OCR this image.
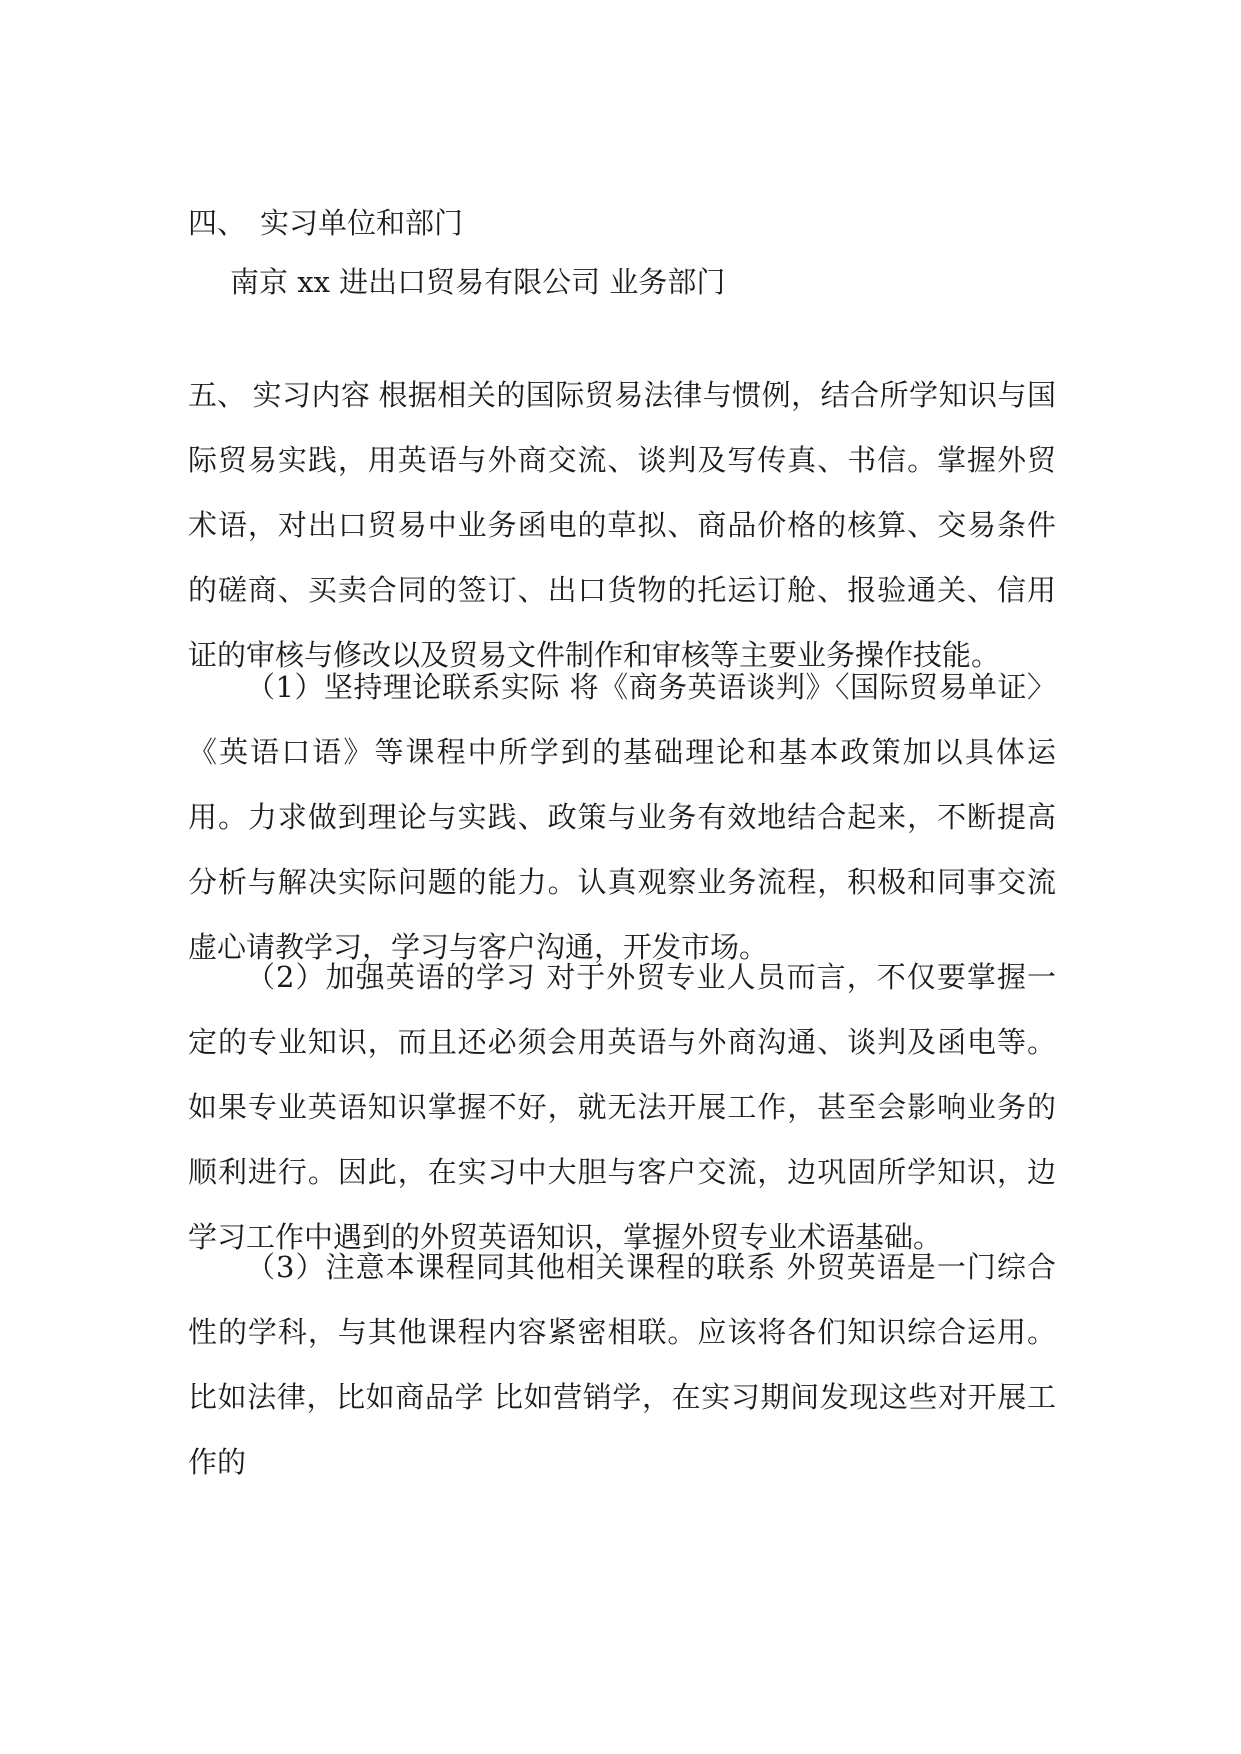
四、 实习单位和部门
南京 xx 进出口贸易有限公司 业务部门

五、 实习内容 根据相关的国际贸易法律与惯例，结合所学知识与国际贸易实践，用英语与外商交流、谈判及写传真、书信。掌握外贸术语，对出口贸易中业务函电的草拟、商品价格的核算、交易条件的磋商、买卖合同的签订、出口货物的托运订舱、报验通关、信用证的审核与修改以及贸易文件制作和审核等主要业务操作技能。

（1）坚持理论联系实际 将《商务英语谈判》〈国际贸易单证〉《英语口语》等课程中所学到的基础理论和基本政策加以具体运用。力求做到理论与实践、政策与业务有效地结合起来，不断提高分析与解决实际问题的能力。认真观察业务流程，积极和同事交流 虚心请教学习，学习与客户沟通，开发市场。

（2）加强英语的学习 对于外贸专业人员而言，不仅要掌握一定的专业知识，而且还必须会用英语与外商沟通、谈判及函电等。如果专业英语知识掌握不好，就无法开展工作，甚至会影响业务的顺利进行。因此，在实习中大胆与客户交流，边巩固所学知识，边学习工作中遇到的外贸英语知识，掌握外贸专业术语基础。

（3）注意本课程同其他相关课程的联系 外贸英语是一门综合性的学科，与其他课程内容紧密相联。应该将各们知识综合运用。比如法律，比如商品学 比如营销学，在实习期间发现这些对开展工作的
